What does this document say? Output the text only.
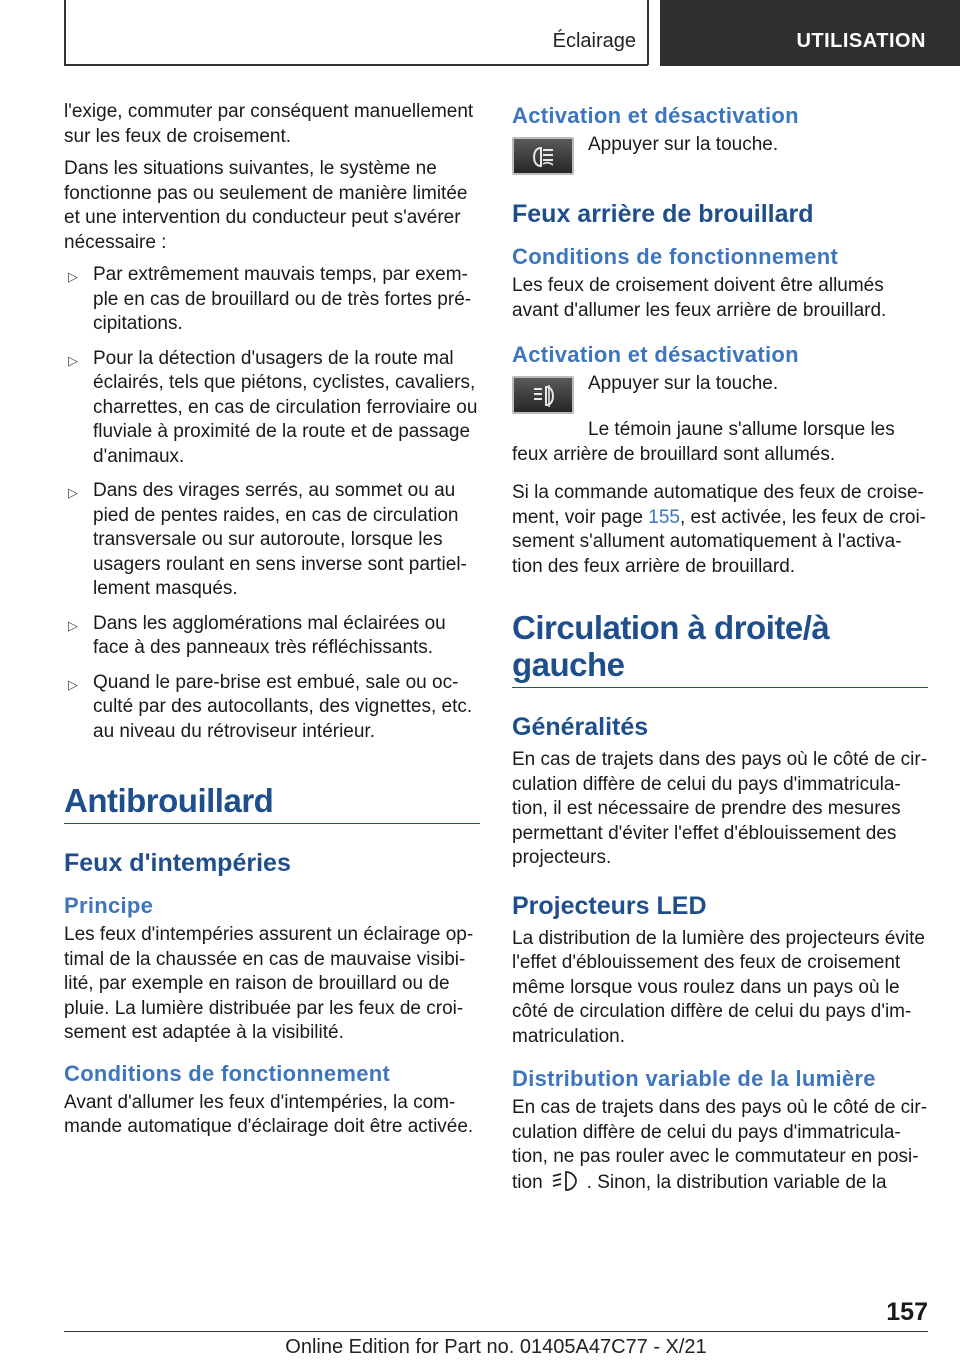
Éclairage	UTILISATION

l'exige, commuter par conséquent manuellement sur les feux de croisement.

Dans les situations suivantes, le système ne fonctionne pas ou seulement de manière limitée et une intervention du conducteur peut s'avérer nécessaire :

▷ Par extrêmement mauvais temps, par exem‐ple en cas de brouillard ou de très fortes pré‐cipitations.
▷ Pour la détection d'usagers de la route mal éclairés, tels que piétons, cyclistes, cavaliers, charrettes, en cas de circulation ferroviaire ou fluviale à proximité de la route et de passage d'animaux.
▷ Dans des virages serrés, au sommet ou au pied de pentes raides, en cas de circulation transversale ou sur autoroute, lorsque les usagers roulant en sens inverse sont partiel‐lement masqués.
▷ Dans les agglomérations mal éclairées ou face à des panneaux très réfléchissants.
▷ Quand le pare-brise est embué, sale ou oc‐culté par des autocollants, des vignettes, etc. au niveau du rétroviseur intérieur.
Antibrouillard
Feux d'intempéries
Principe

Les feux d'intempéries assurent un éclairage op‐timal de la chaussée en cas de mauvaise visibi‐lité, par exemple en raison de brouillard ou de pluie. La lumière distribuée par les feux de croi‐sement est adaptée à la visibilité.

Conditions de fonctionnement

Avant d'allumer les feux d'intempéries, la com‐mande automatique d'éclairage doit être activée.

Activation et désactivation

Appuyer sur la touche.

Feux arrière de brouillard
Conditions de fonctionnement

Les feux de croisement doivent être allumés avant d'allumer les feux arrière de brouillard.

Activation et désactivation

Appuyer sur la touche.

Le témoin jaune s'allume lorsque les feux arrière de brouillard sont allumés.

Si la commande automatique des feux de croise‐ment, voir page 155, est activée, les feux de croi‐sement s'allument automatiquement à l'activa‐tion des feux arrière de brouillard.

Circulation à droite/à gauche
Généralités

En cas de trajets dans des pays où le côté de cir‐culation diffère de celui du pays d'immatricula‐tion, il est nécessaire de prendre des mesures permettant d'éviter l'effet d'éblouissement des projecteurs.

Projecteurs LED

La distribution de la lumière des projecteurs évite l'effet d'éblouissement des feux de croisement même lorsque vous roulez dans un pays où le côté de circulation diffère de celui du pays d'im‐matriculation.

Distribution variable de la lumière

En cas de trajets dans des pays où le côté de cir‐culation diffère de celui du pays d'immatricula‐tion, ne pas rouler avec le commutateur en posi‐tion . Sinon, la distribution variable de la

157
Online Edition for Part no. 01405A47C77 - X/21
